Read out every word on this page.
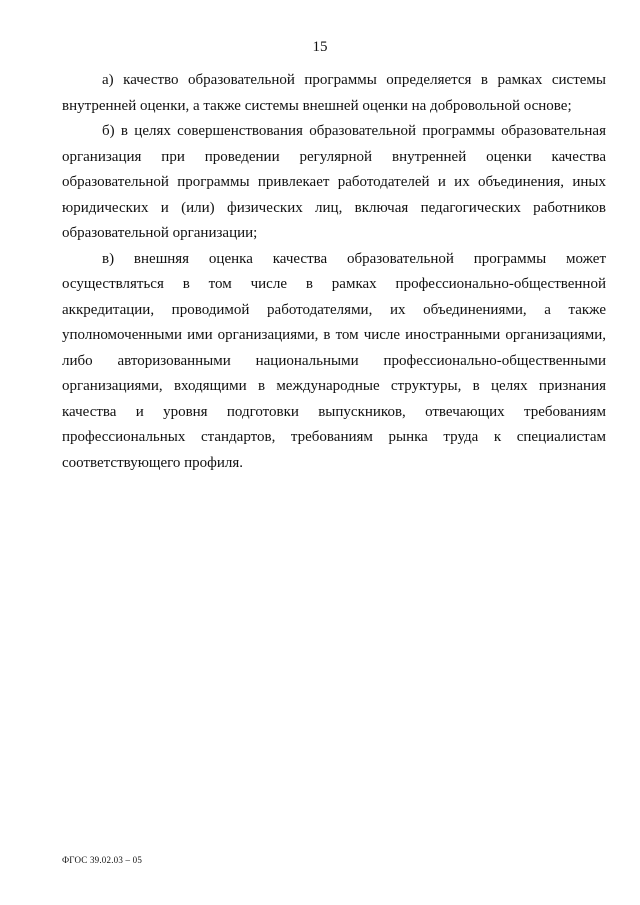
15
а) качество образовательной программы определяется в рамках системы
внутренней оценки, а также системы внешней оценки на добровольной основе;
б) в целях совершенствования образовательной программы образовательная
организация при проведении регулярной внутренней оценки качества
образовательной программы привлекает работодателей и их объединения, иных
юридических и (или) физических лиц, включая педагогических работников
образовательной организации;
в) внешняя оценка качества образовательной программы может
осуществляться в том числе в рамках профессионально-общественной
аккредитации, проводимой работодателями, их объединениями, а также
уполномоченными ими организациями, в том числе иностранными организациями,
либо авторизованными национальными профессионально-общественными
организациями, входящими в международные структуры, в целях признания
качества и уровня подготовки выпускников, отвечающих требованиям
профессиональных стандартов, требованиям рынка труда к специалистам
соответствующего профиля.
ФГОС 39.02.03 – 05
